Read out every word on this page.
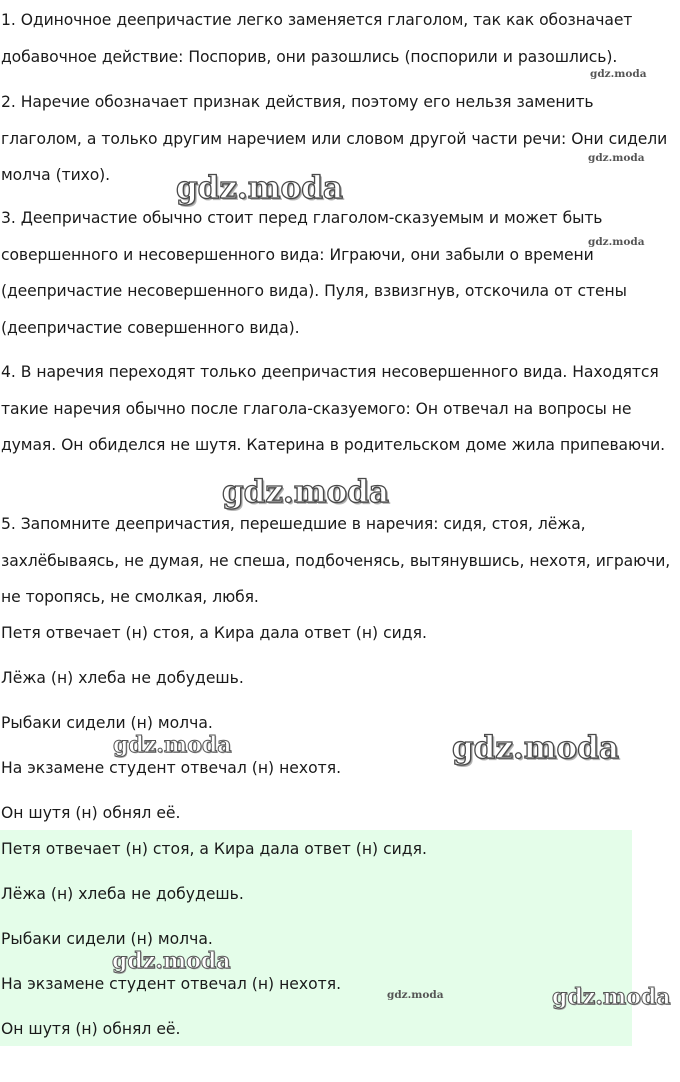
1. Одиночное деепричастие легко заменяется глаголом, так как обозначает добавочное действие: Поспорив, они разошлись (поспорили и разошлись).

2. Наречие обозначает признак действия, поэтому его нельзя заменить глаголом, а только другим наречием или словом другой части речи: Они сидели молча (тихо).

3. Деепричастие обычно стоит перед глаголом-сказуемым и может быть совершенного и несовершенного вида: Играючи, они забыли о времени (деепричастие несовершенного вида). Пуля, взвизгнув, отскочила от стены (деепричастие совершенного вида).

4. В наречия переходят только деепричастия несовершенного вида. Находятся такие наречия обычно после глагола-сказуемого: Он отвечал на вопросы не думая. Он обиделся не шутя. Катерина в родительском доме жила припеваючи.

5. Запомните деепричастия, перешедшие в наречия: сидя, стоя, лёжа, захлёбываясь, не думая, не спеша, подбоченясь, вытянувшись, нехотя, играючи, не торопясь, не смолкая, любя.

Петя отвечает (н) стоя, а Кира дала ответ (н) сидя.
Лёжа (н) хлеба не добудешь.
Рыбаки сидели (н) молча.
На экзамене студент отвечал (н) нехотя.
Он шутя (н) обнял её.
Петя отвечает (н) стоя, а Кира дала ответ (н) сидя.
Лёжа (н) хлеба не добудешь.
Рыбаки сидели (н) молча.
На экзамене студент отвечал (н) нехотя.
Он шутя (н) обнял её.
gdz.moda
gdz.moda
gdz.moda
gdz.moda
gdz.moda
gdz.moda	gdz.moda
gdz.moda
gdz.moda	gdz.moda
